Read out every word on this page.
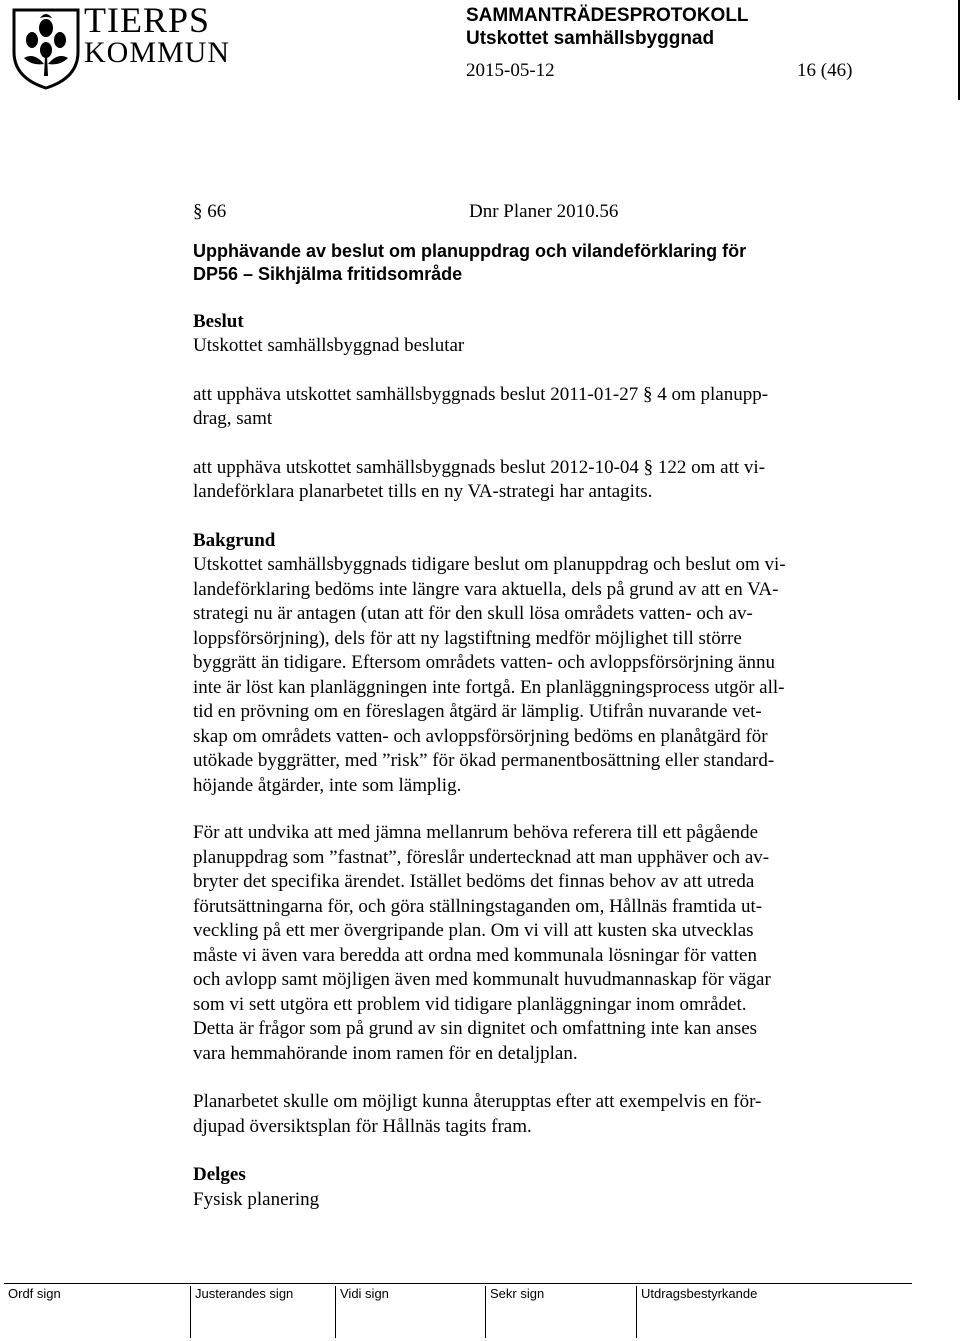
TIERPS
KOMMUN
SAMMANTRÄDESPROTOKOLL
Utskottet samhällsbyggnad
2015-05-12	16 (46)
§ 66	Dnr Planer 2010.56
Upphävande av beslut om planuppdrag och vilandeförklaring för
DP56 – Sikhjälma fritidsområde
Beslut
Utskottet samhällsbyggnad beslutar
att upphäva utskottet samhällsbyggnads beslut 2011-01-27 § 4 om planupp-
drag, samt
att upphäva utskottet samhällsbyggnads beslut 2012-10-04 § 122 om att vi-
landeförklara planarbetet tills en ny VA-strategi har antagits.
Bakgrund
Utskottet samhällsbyggnads tidigare beslut om planuppdrag och beslut om vi-
landeförklaring bedöms inte längre vara aktuella, dels på grund av att en VA-
strategi nu är antagen (utan att för den skull lösa områdets vatten- och av-
loppsförsörjning), dels för att ny lagstiftning medför möjlighet till större
byggrätt än tidigare. Eftersom områdets vatten- och avloppsförsörjning ännu
inte är löst kan planläggningen inte fortgå. En planläggningsprocess utgör all-
tid en prövning om en föreslagen åtgärd är lämplig. Utifrån nuvarande vet-
skap om områdets vatten- och avloppsförsörjning bedöms en planåtgärd för
utökade byggrätter, med ”risk” för ökad permanentbosättning eller standard-
höjande åtgärder, inte som lämplig.
För att undvika att med jämna mellanrum behöva referera till ett pågående
planuppdrag som ”fastnat”, föreslår undertecknad att man upphäver och av-
bryter det specifika ärendet. Istället bedöms det finnas behov av att utreda
förutsättningarna för, och göra ställningstaganden om, Hållnäs framtida ut-
veckling på ett mer övergripande plan. Om vi vill att kusten ska utvecklas
måste vi även vara beredda att ordna med kommunala lösningar för vatten
och avlopp samt möjligen även med kommunalt huvudmannaskap för vägar
som vi sett utgöra ett problem vid tidigare planläggningar inom området.
Detta är frågor som på grund av sin dignitet och omfattning inte kan anses
vara hemmahörande inom ramen för en detaljplan.
Planarbetet skulle om möjligt kunna återupptas efter att exempelvis en för-
djupad översiktsplan för Hållnäs tagits fram.
Delges
Fysisk planering
Ordf sign	Justerandes sign	Vidi sign	Sekr sign	Utdragsbestyrkande
